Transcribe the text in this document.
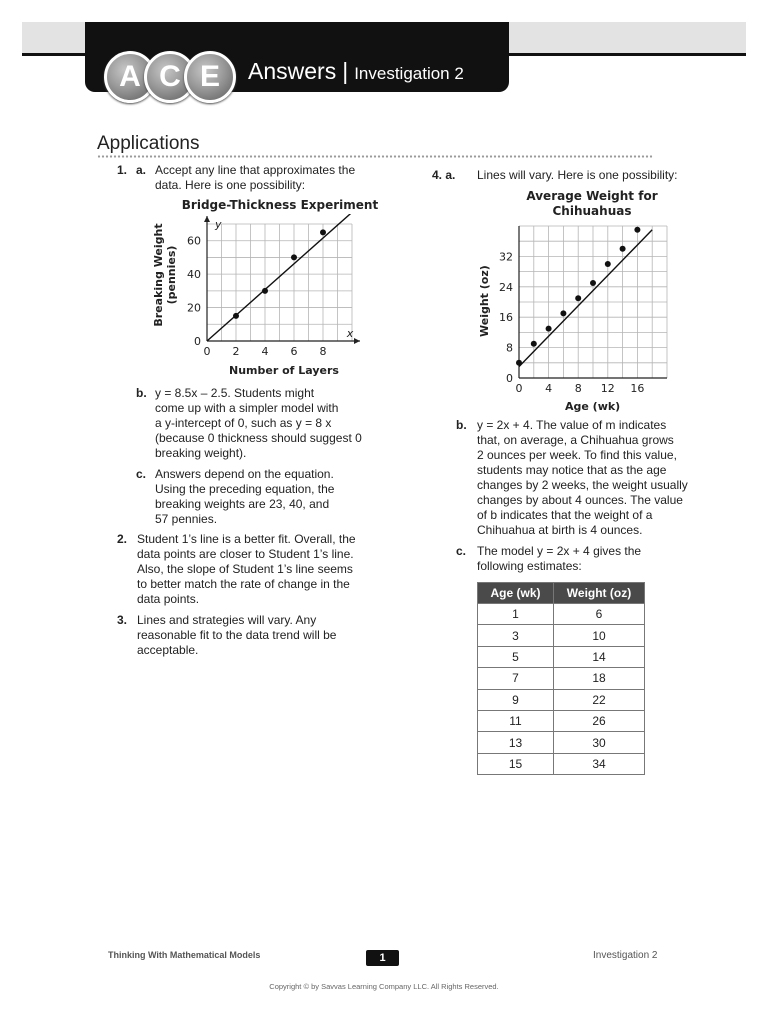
A C E	Answers | Investigation 2
Applications
1. a. Accept any line that approximates the data. Here is one possibility:
Bridge-Thickness Experiment
Breaking Weight (pennies)
0 2 4 6 8
0
20
40
60
x
y
Number of Layers
b. y = 8.5x – 2.5. Students might
come up with a simpler model with
a y-intercept of 0, such as y = 8 x
(because 0 thickness should suggest 0
breaking weight).
c. Answers depend on the equation.
Using the preceding equation, the
breaking weights are 23, 40, and
57 pennies.
2. Student 1’s line is a better fit. Overall, the
data points are closer to Student 1’s line.
Also, the slope of Student 1’s line seems
to better match the rate of change in the
data points.
3. Lines and strategies will vary. Any
reasonable fit to the data trend will be
acceptable.
4. a. Lines will vary. Here is one possibility:
Average Weight for
Chihuahuas
Weight (oz)
0 4 8 12 16
0
8
16
24
32
Age (wk)
b. y = 2x + 4. The value of m indicates
that, on average, a Chihuahua grows
2 ounces per week. To find this value,
students may notice that as the age
changes by 2 weeks, the weight usually
changes by about 4 ounces. The value
of b indicates that the weight of a
Chihuahua at birth is 4 ounces.
c. The model y = 2x + 4 gives the
following estimates:
Age (wk)	Weight (oz)
1	6
3	10
5	14
7	18
9	22
11	26
13	30
15	34
Thinking With Mathematical Models	1	Investigation 2
Copyright © by Savvas Learning Company LLC. All Rights Reserved.
